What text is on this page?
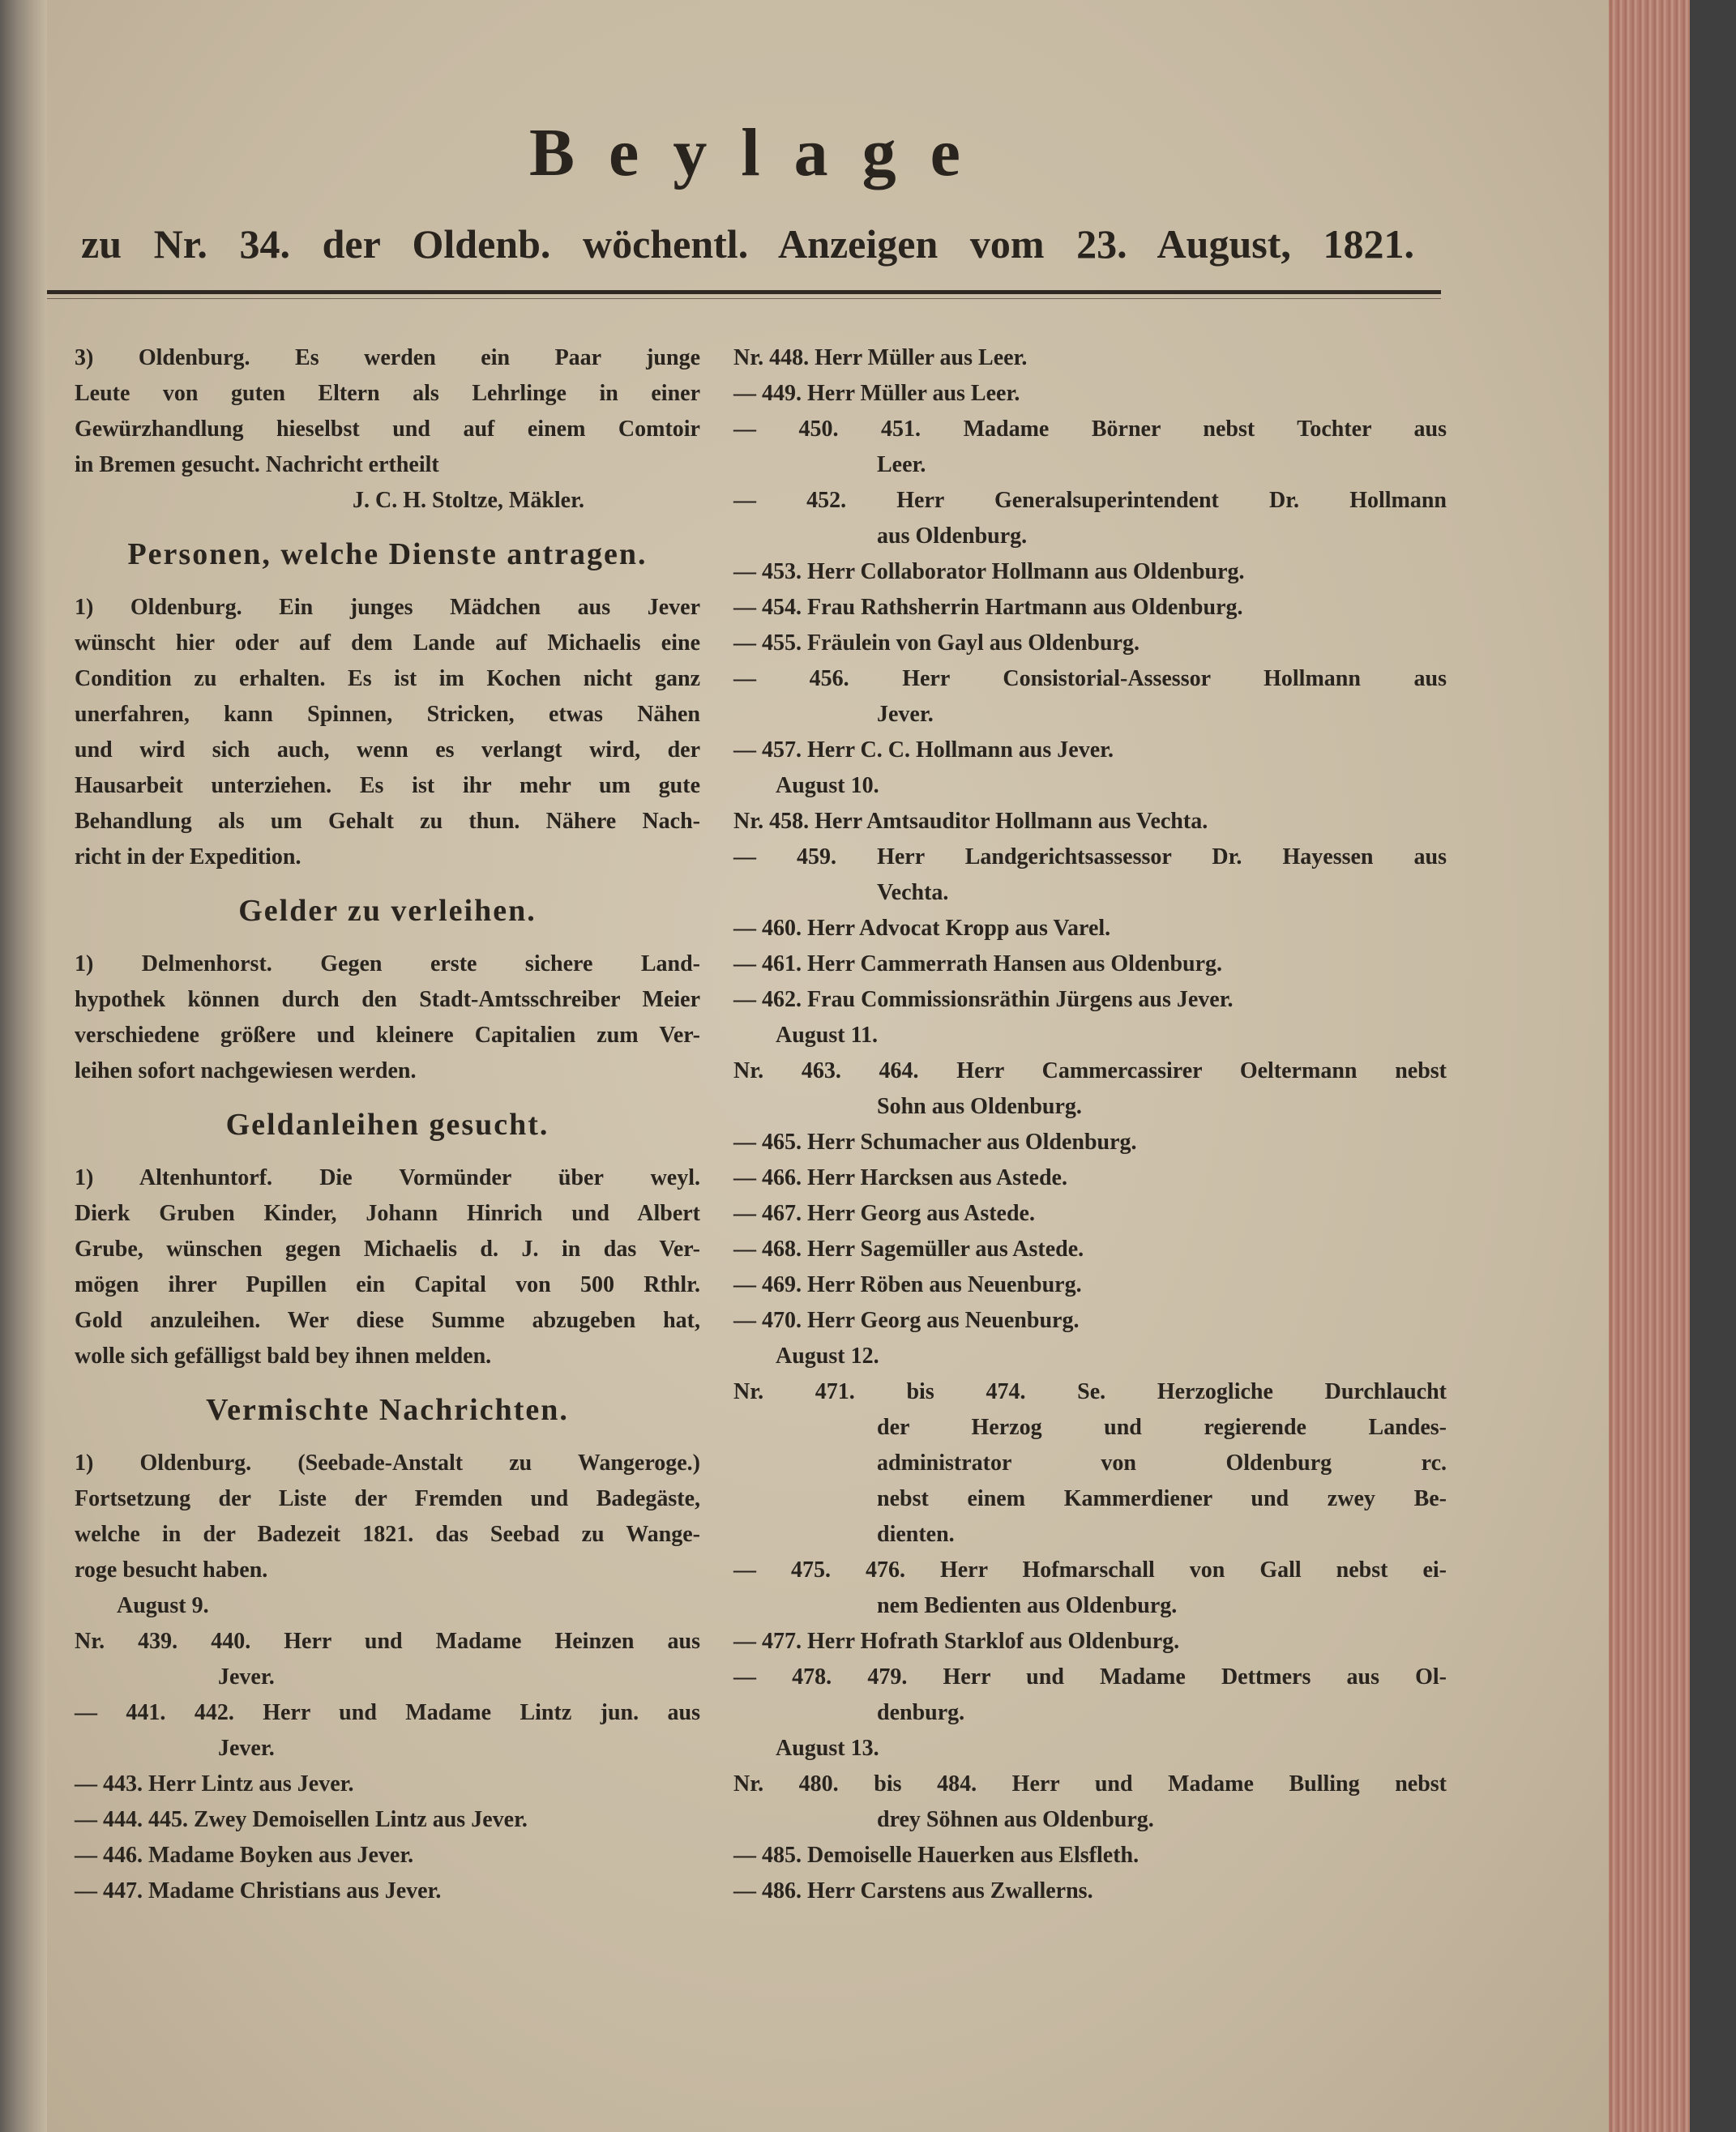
Beylage
zu Nr. 34. der Oldenb. wöchentl. Anzeigen vom 23. August, 1821.
3) Oldenburg. Es werden ein Paar junge
Leute von guten Eltern als Lehrlinge in einer
Gewürzhandlung hieselbst und auf einem Comtoir
in Bremen gesucht. Nachricht ertheilt
J. C. H. Stoltze, Mäkler.
Personen, welche Dienste antragen.
1) Oldenburg. Ein junges Mädchen aus Jever
wünscht hier oder auf dem Lande auf Michaelis eine
Condition zu erhalten. Es ist im Kochen nicht ganz
unerfahren, kann Spinnen, Stricken, etwas Nähen
und wird sich auch, wenn es verlangt wird, der
Hausarbeit unterziehen. Es ist ihr mehr um gute
Behandlung als um Gehalt zu thun. Nähere Nach-
richt in der Expedition.
Gelder zu verleihen.
1) Delmenhorst. Gegen erste sichere Land-
hypothek können durch den Stadt-Amtsschreiber Meier
verschiedene größere und kleinere Capitalien zum Ver-
leihen sofort nachgewiesen werden.
Geldanleihen gesucht.
1) Altenhuntorf. Die Vormünder über weyl.
Dierk Gruben Kinder, Johann Hinrich und Albert
Grube, wünschen gegen Michaelis d. J. in das Ver-
mögen ihrer Pupillen ein Capital von 500 Rthlr.
Gold anzuleihen. Wer diese Summe abzugeben hat,
wolle sich gefälligst bald bey ihnen melden.
Vermischte Nachrichten.
1) Oldenburg. (Seebade-Anstalt zu Wangeroge.)
Fortsetzung der Liste der Fremden und Badegäste,
welche in der Badezeit 1821. das Seebad zu Wange-
roge besucht haben.
August 9.
Nr. 439. 440. Herr und Madame Heinzen aus
Jever.
— 441. 442. Herr und Madame Lintz jun. aus
Jever.
— 443. Herr Lintz aus Jever.
— 444. 445. Zwey Demoisellen Lintz aus Jever.
— 446. Madame Boyken aus Jever.
— 447. Madame Christians aus Jever.
Nr. 448. Herr Müller aus Leer.
— 449. Herr Müller aus Leer.
— 450. 451. Madame Börner nebst Tochter aus
Leer.
— 452. Herr Generalsuperintendent Dr. Hollmann
aus Oldenburg.
— 453. Herr Collaborator Hollmann aus Oldenburg.
— 454. Frau Rathsherrin Hartmann aus Oldenburg.
— 455. Fräulein von Gayl aus Oldenburg.
— 456. Herr Consistorial-Assessor Hollmann aus
Jever.
— 457. Herr C. C. Hollmann aus Jever.
August 10.
Nr. 458. Herr Amtsauditor Hollmann aus Vechta.
— 459. Herr Landgerichtsassessor Dr. Hayessen aus
Vechta.
— 460. Herr Advocat Kropp aus Varel.
— 461. Herr Cammerrath Hansen aus Oldenburg.
— 462. Frau Commissionsräthin Jürgens aus Jever.
August 11.
Nr. 463. 464. Herr Cammercassirer Oeltermann nebst
Sohn aus Oldenburg.
— 465. Herr Schumacher aus Oldenburg.
— 466. Herr Harcksen aus Astede.
— 467. Herr Georg aus Astede.
— 468. Herr Sagemüller aus Astede.
— 469. Herr Röben aus Neuenburg.
— 470. Herr Georg aus Neuenburg.
August 12.
Nr. 471. bis 474. Se. Herzogliche Durchlaucht
der Herzog und regierende Landes-
administrator von Oldenburg rc.
nebst einem Kammerdiener und zwey Be-
dienten.
— 475. 476. Herr Hofmarschall von Gall nebst ei-
nem Bedienten aus Oldenburg.
— 477. Herr Hofrath Starklof aus Oldenburg.
— 478. 479. Herr und Madame Dettmers aus Ol-
denburg.
August 13.
Nr. 480. bis 484. Herr und Madame Bulling nebst
drey Söhnen aus Oldenburg.
— 485. Demoiselle Hauerken aus Elsfleth.
— 486. Herr Carstens aus Zwallerns.
